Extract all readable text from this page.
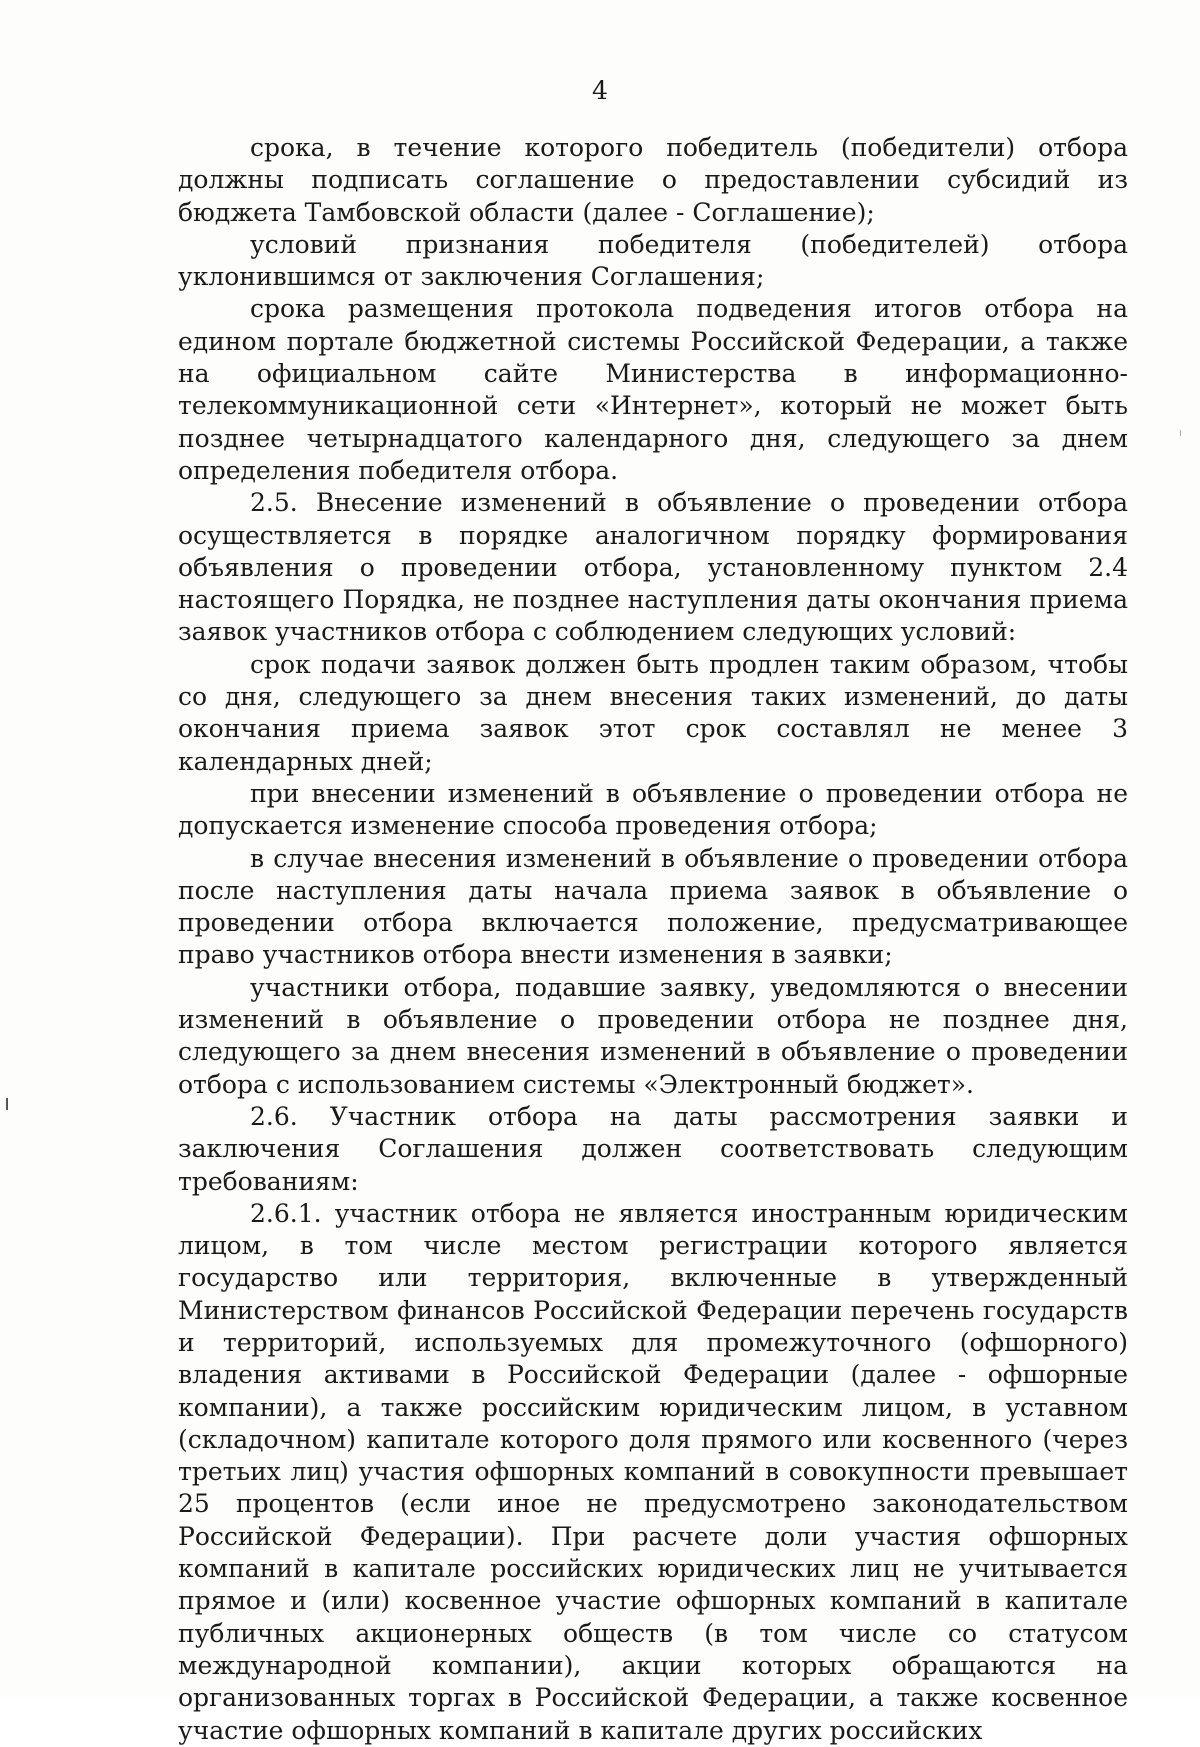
4

срока, в течение которого победитель (победители) отбора должны подписать соглашение о предоставлении субсидий из бюджета Тамбовской области (далее - Соглашение);

условий признания победителя (победителей) отбора уклонившимся от заключения Соглашения;

срока размещения протокола подведения итогов отбора на едином портале бюджетной системы Российской Федерации, а также на официальном сайте Министерства в информационно-телекоммуникационной сети «Интернет», который не может быть позднее четырнадцатого календарного дня, следующего за днем определения победителя отбора.

2.5. Внесение изменений в объявление о проведении отбора осуществляется в порядке аналогичном порядку формирования объявления о проведении отбора, установленному пунктом 2.4 настоящего Порядка, не позднее наступления даты окончания приема заявок участников отбора с соблюдением следующих условий:

срок подачи заявок должен быть продлен таким образом, чтобы со дня, следующего за днем внесения таких изменений, до даты окончания приема заявок этот срок составлял не менее 3 календарных дней;

при внесении изменений в объявление о проведении отбора не допускается изменение способа проведения отбора;

в случае внесения изменений в объявление о проведении отбора после наступления даты начала приема заявок в объявление о проведении отбора включается положение, предусматривающее право участников отбора внести изменения в заявки;

участники отбора, подавшие заявку, уведомляются о внесении изменений в объявление о проведении отбора не позднее дня, следующего за днем внесения изменений в объявление о проведении отбора с использованием системы «Электронный бюджет».

2.6. Участник отбора на даты рассмотрения заявки и заключения Соглашения должен соответствовать следующим требованиям:

2.6.1. участник отбора не является иностранным юридическим лицом, в том числе местом регистрации которого является государство или территория, включенные в утвержденный Министерством финансов Российской Федерации перечень государств и территорий, используемых для промежуточного (офшорного) владения активами в Российской Федерации (далее - офшорные компании), а также российским юридическим лицом, в уставном (складочном) капитале которого доля прямого или косвенного (через третьих лиц) участия офшорных компаний в совокупности превышает 25 процентов (если иное не предусмотрено законодательством Российской Федерации). При расчете доли участия офшорных компаний в капитале российских юридических лиц не учитывается прямое и (или) косвенное участие офшорных компаний в капитале публичных акционерных обществ (в том числе со статусом международной компании), акции которых обращаются на организованных торгах в Российской Федерации, а также косвенное участие офшорных компаний в капитале других российских
